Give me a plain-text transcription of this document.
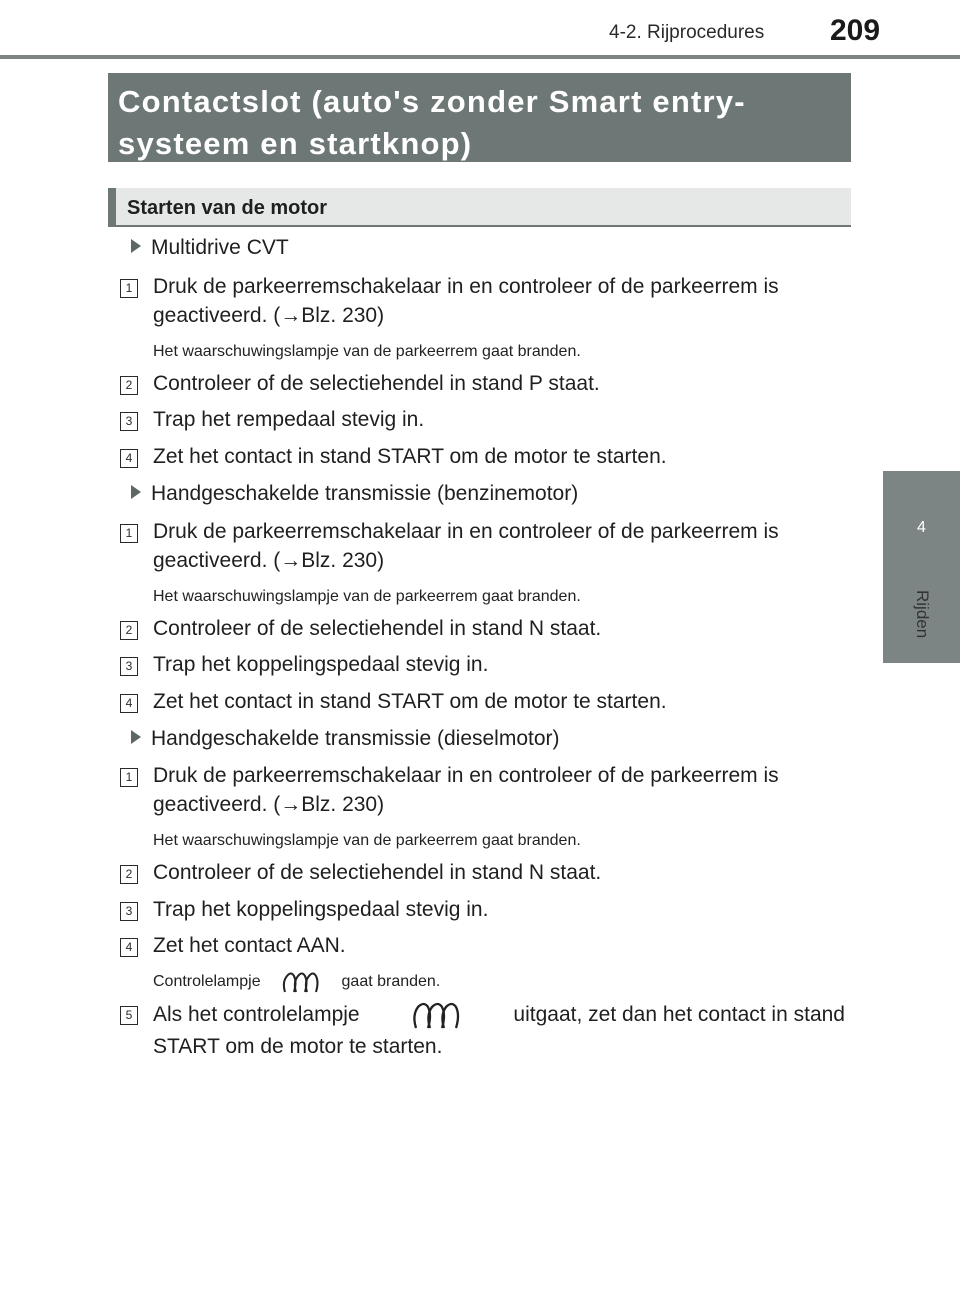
4-2. Rijprocedures 209
4
Rijden
Contactslot (auto's zonder Smart entry-
systeem en startknop)
Starten van de motor
Multidrive CVT
1 Druk de parkeerremschakelaar in en controleer of de parkeerrem is
geactiveerd. (→Blz. 230)
Het waarschuwingslampje van de parkeerrem gaat branden.
2 Controleer of de selectiehendel in stand P staat.
3 Trap het rempedaal stevig in.
4 Zet het contact in stand START om de motor te starten.
Handgeschakelde transmissie (benzinemotor)
1 Druk de parkeerremschakelaar in en controleer of de parkeerrem is
geactiveerd. (→Blz. 230)
Het waarschuwingslampje van de parkeerrem gaat branden.
2 Controleer of de selectiehendel in stand N staat.
3 Trap het koppelingspedaal stevig in.
4 Zet het contact in stand START om de motor te starten.
Handgeschakelde transmissie (dieselmotor)
1 Druk de parkeerremschakelaar in en controleer of de parkeerrem is
geactiveerd. (→Blz. 230)
Het waarschuwingslampje van de parkeerrem gaat branden.
2 Controleer of de selectiehendel in stand N staat.
3 Trap het koppelingspedaal stevig in.
4 Zet het contact AAN.
Controlelampje	gaat branden.
5 Als het controlelampje	uitgaat, zet dan het contact in stand
START om de motor te starten.
